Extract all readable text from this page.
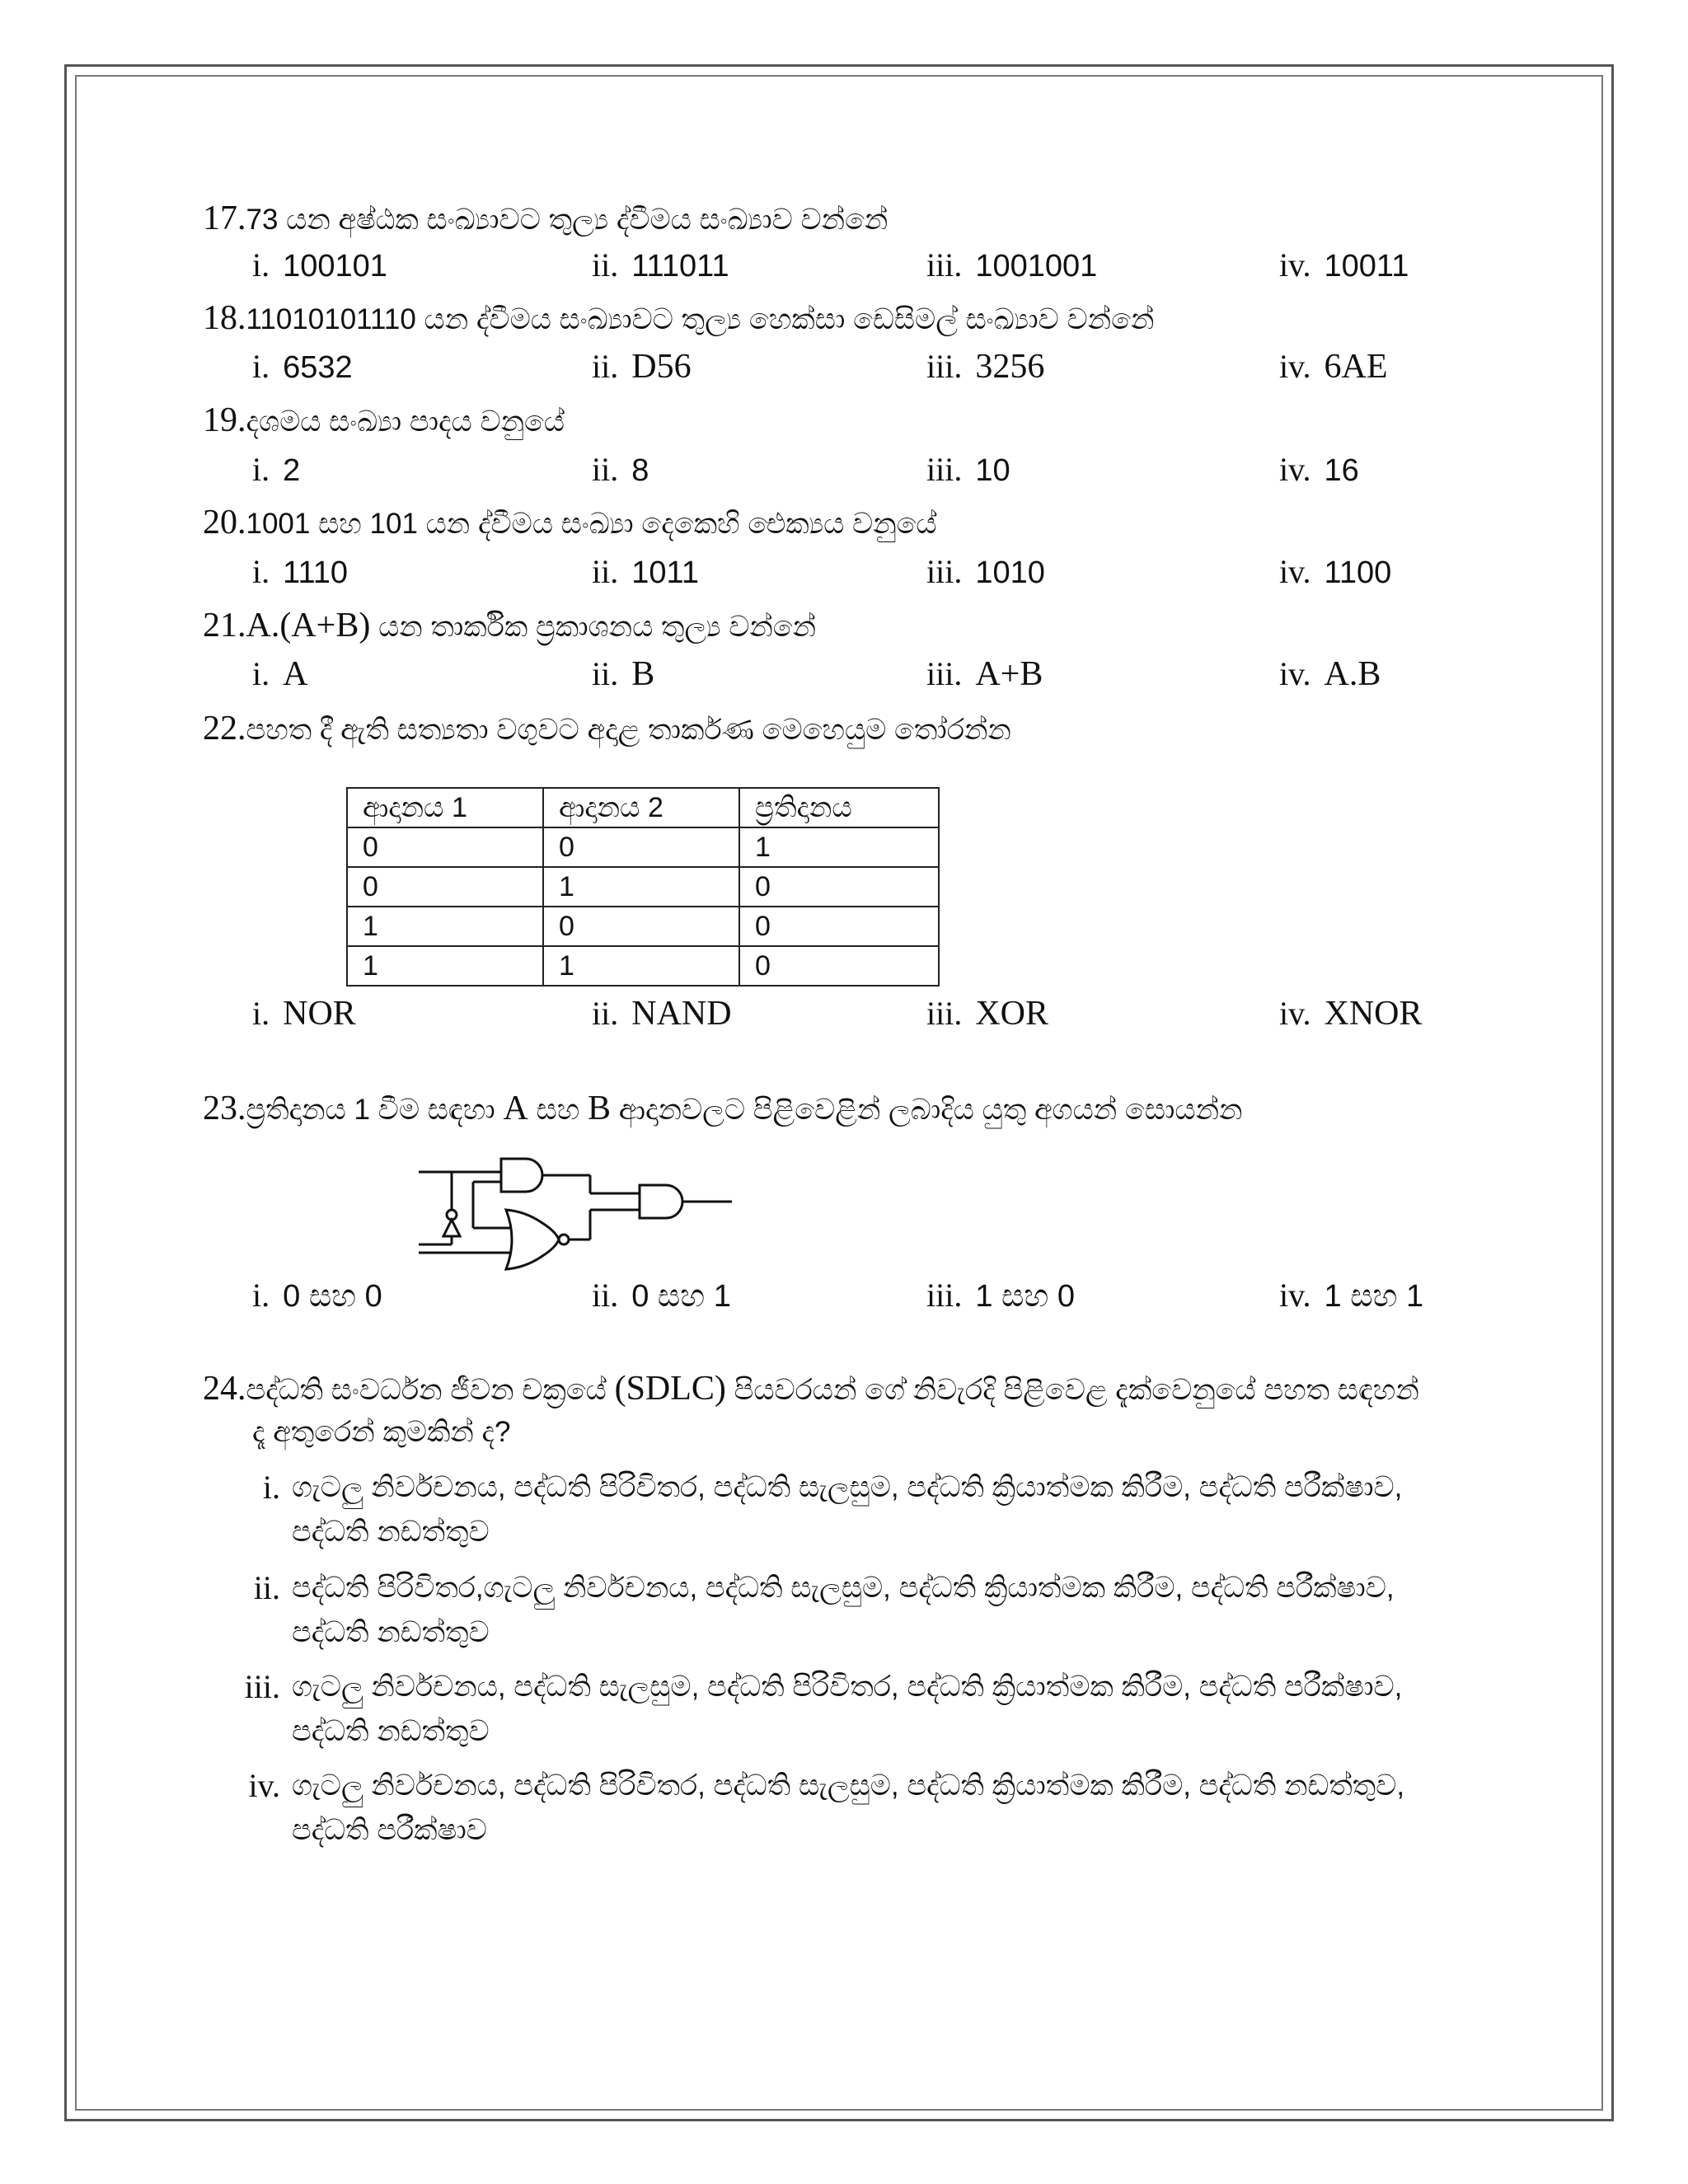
17.73 යන අෂ්ඨක සංඛ්‍යාවට තුල්‍ය ද්වීමය සංඛ්‍යාව වන්නේ
i. 100101	ii. 111011	iii. 1001001	iv. 10011
18.11010101110 යන ද්වීමය සංඛ්‍යාවට තුල්‍ය හෙක්සා ඩෙසිමල් සංඛ්‍යාව වන්නේ
i. 6532	ii. D56	iii. 3256	iv. 6AE
19.දශමය සංඛ්‍යා පාදය වනුයේ
i. 2	ii. 8	iii. 10	iv. 16
20.1001 සහ 101 යන ද්වීමය සංඛ්‍යා දෙකෙහි ඓක්‍යය වනුයේ
i. 1110	ii. 1011	iii. 1010	iv. 1100
21.A.(A+B) යන තාර්කික ප්‍රකාශනය තුල්‍ය වන්නේ
i. A	ii. B	iii. A+B	iv. A.B
22.පහත දී ඇති සත්‍යතා වගුවට අදාළ තාර්කණ මෙහෙයුම තෝරන්න
ආදානය 1	ආදානය 2	ප්‍රතිදානය
0	0	1
0	1	0
1	0	0
1	1	0
i. NOR	ii. NAND	iii. XOR	iv. XNOR
23.ප්‍රතිදානය 1 වීම සඳහා A සහ B ආදානවලට පිළිවෙළින් ලබාදිය යුතු අගයන් සොයන්න
i. 0 සහ 0	ii. 0 සහ 1	iii. 1 සහ 0	iv. 1 සහ 1
24.පද්ධති සංවර්ධන ජීවන චක්‍රයේ (SDLC) පියවරයන් ගේ නිවැරදි පිළිවෙළ දැක්වෙනුයේ පහත සඳහන්
දෑ අතුරෙන් කුමකින් ද?
i. ගැටලු නිර්වචනය, පද්ධති පිරිවිතර, පද්ධති සැලසුම, පද්ධති ක්‍රියාත්මක කිරීම, පද්ධති පරීක්ෂාව,
පද්ධති නඩත්තුව
ii. පද්ධති පිරිවිතර,ගැටලු නිර්වචනය, පද්ධති සැලසුම, පද්ධති ක්‍රියාත්මක කිරීම, පද්ධති පරීක්ෂාව,
පද්ධති නඩත්තුව
iii. ගැටලු නිර්වචනය, පද්ධති සැලසුම, පද්ධති පිරිවිතර, පද්ධති ක්‍රියාත්මක කිරීම, පද්ධති පරීක්ෂාව,
පද්ධති නඩත්තුව
iv. ගැටලු නිර්වචනය, පද්ධති පිරිවිතර, පද්ධති සැලසුම, පද්ධති ක්‍රියාත්මක කිරීම, පද්ධති නඩත්තුව,
පද්ධති පරීක්ෂාව
